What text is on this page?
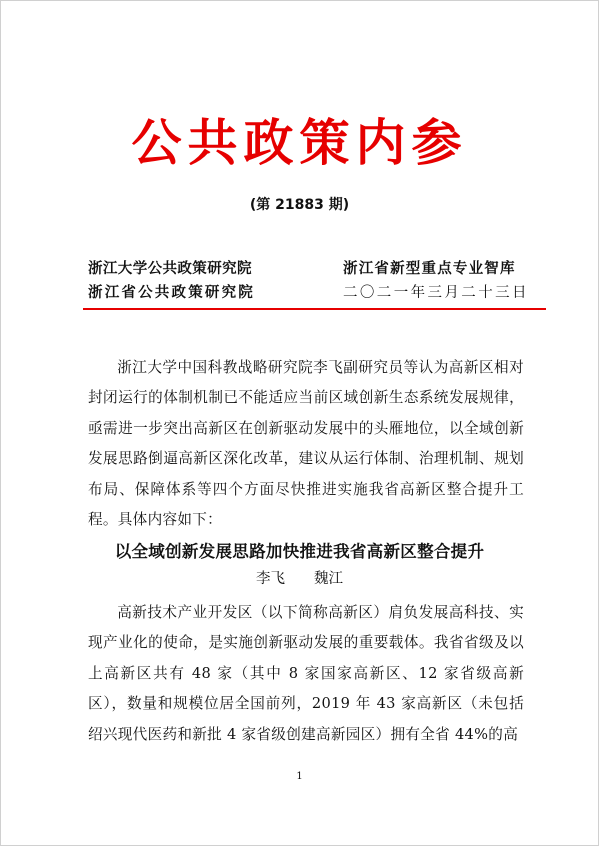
公共政策内参
(第 21883 期)
浙江大学公共政策研究院
浙江省公共政策研究院
浙江省新型重点专业智库
二〇二一年三月二十三日
浙江大学中国科教战略研究院李飞副研究员等认为高新区相对封闭运行的体制机制已不能适应当前区域创新生态系统发展规律，亟需进一步突出高新区在创新驱动发展中的头雁地位，以全域创新发展思路倒逼高新区深化改革，建议从运行体制、治理机制、规划布局、保障体系等四个方面尽快推进实施我省高新区整合提升工程。具体内容如下：
以全域创新发展思路加快推进我省高新区整合提升
李飞　　魏江
高新技术产业开发区（以下简称高新区）肩负发展高科技、实现产业化的使命，是实施创新驱动发展的重要载体。我省省级及以上高新区共有 48 家（其中 8 家国家高新区、12 家省级高新区），数量和规模位居全国前列，2019 年 43 家高新区（未包括绍兴现代医药和新批 4 家省级创建高新园区）拥有全省 44%的高
1
